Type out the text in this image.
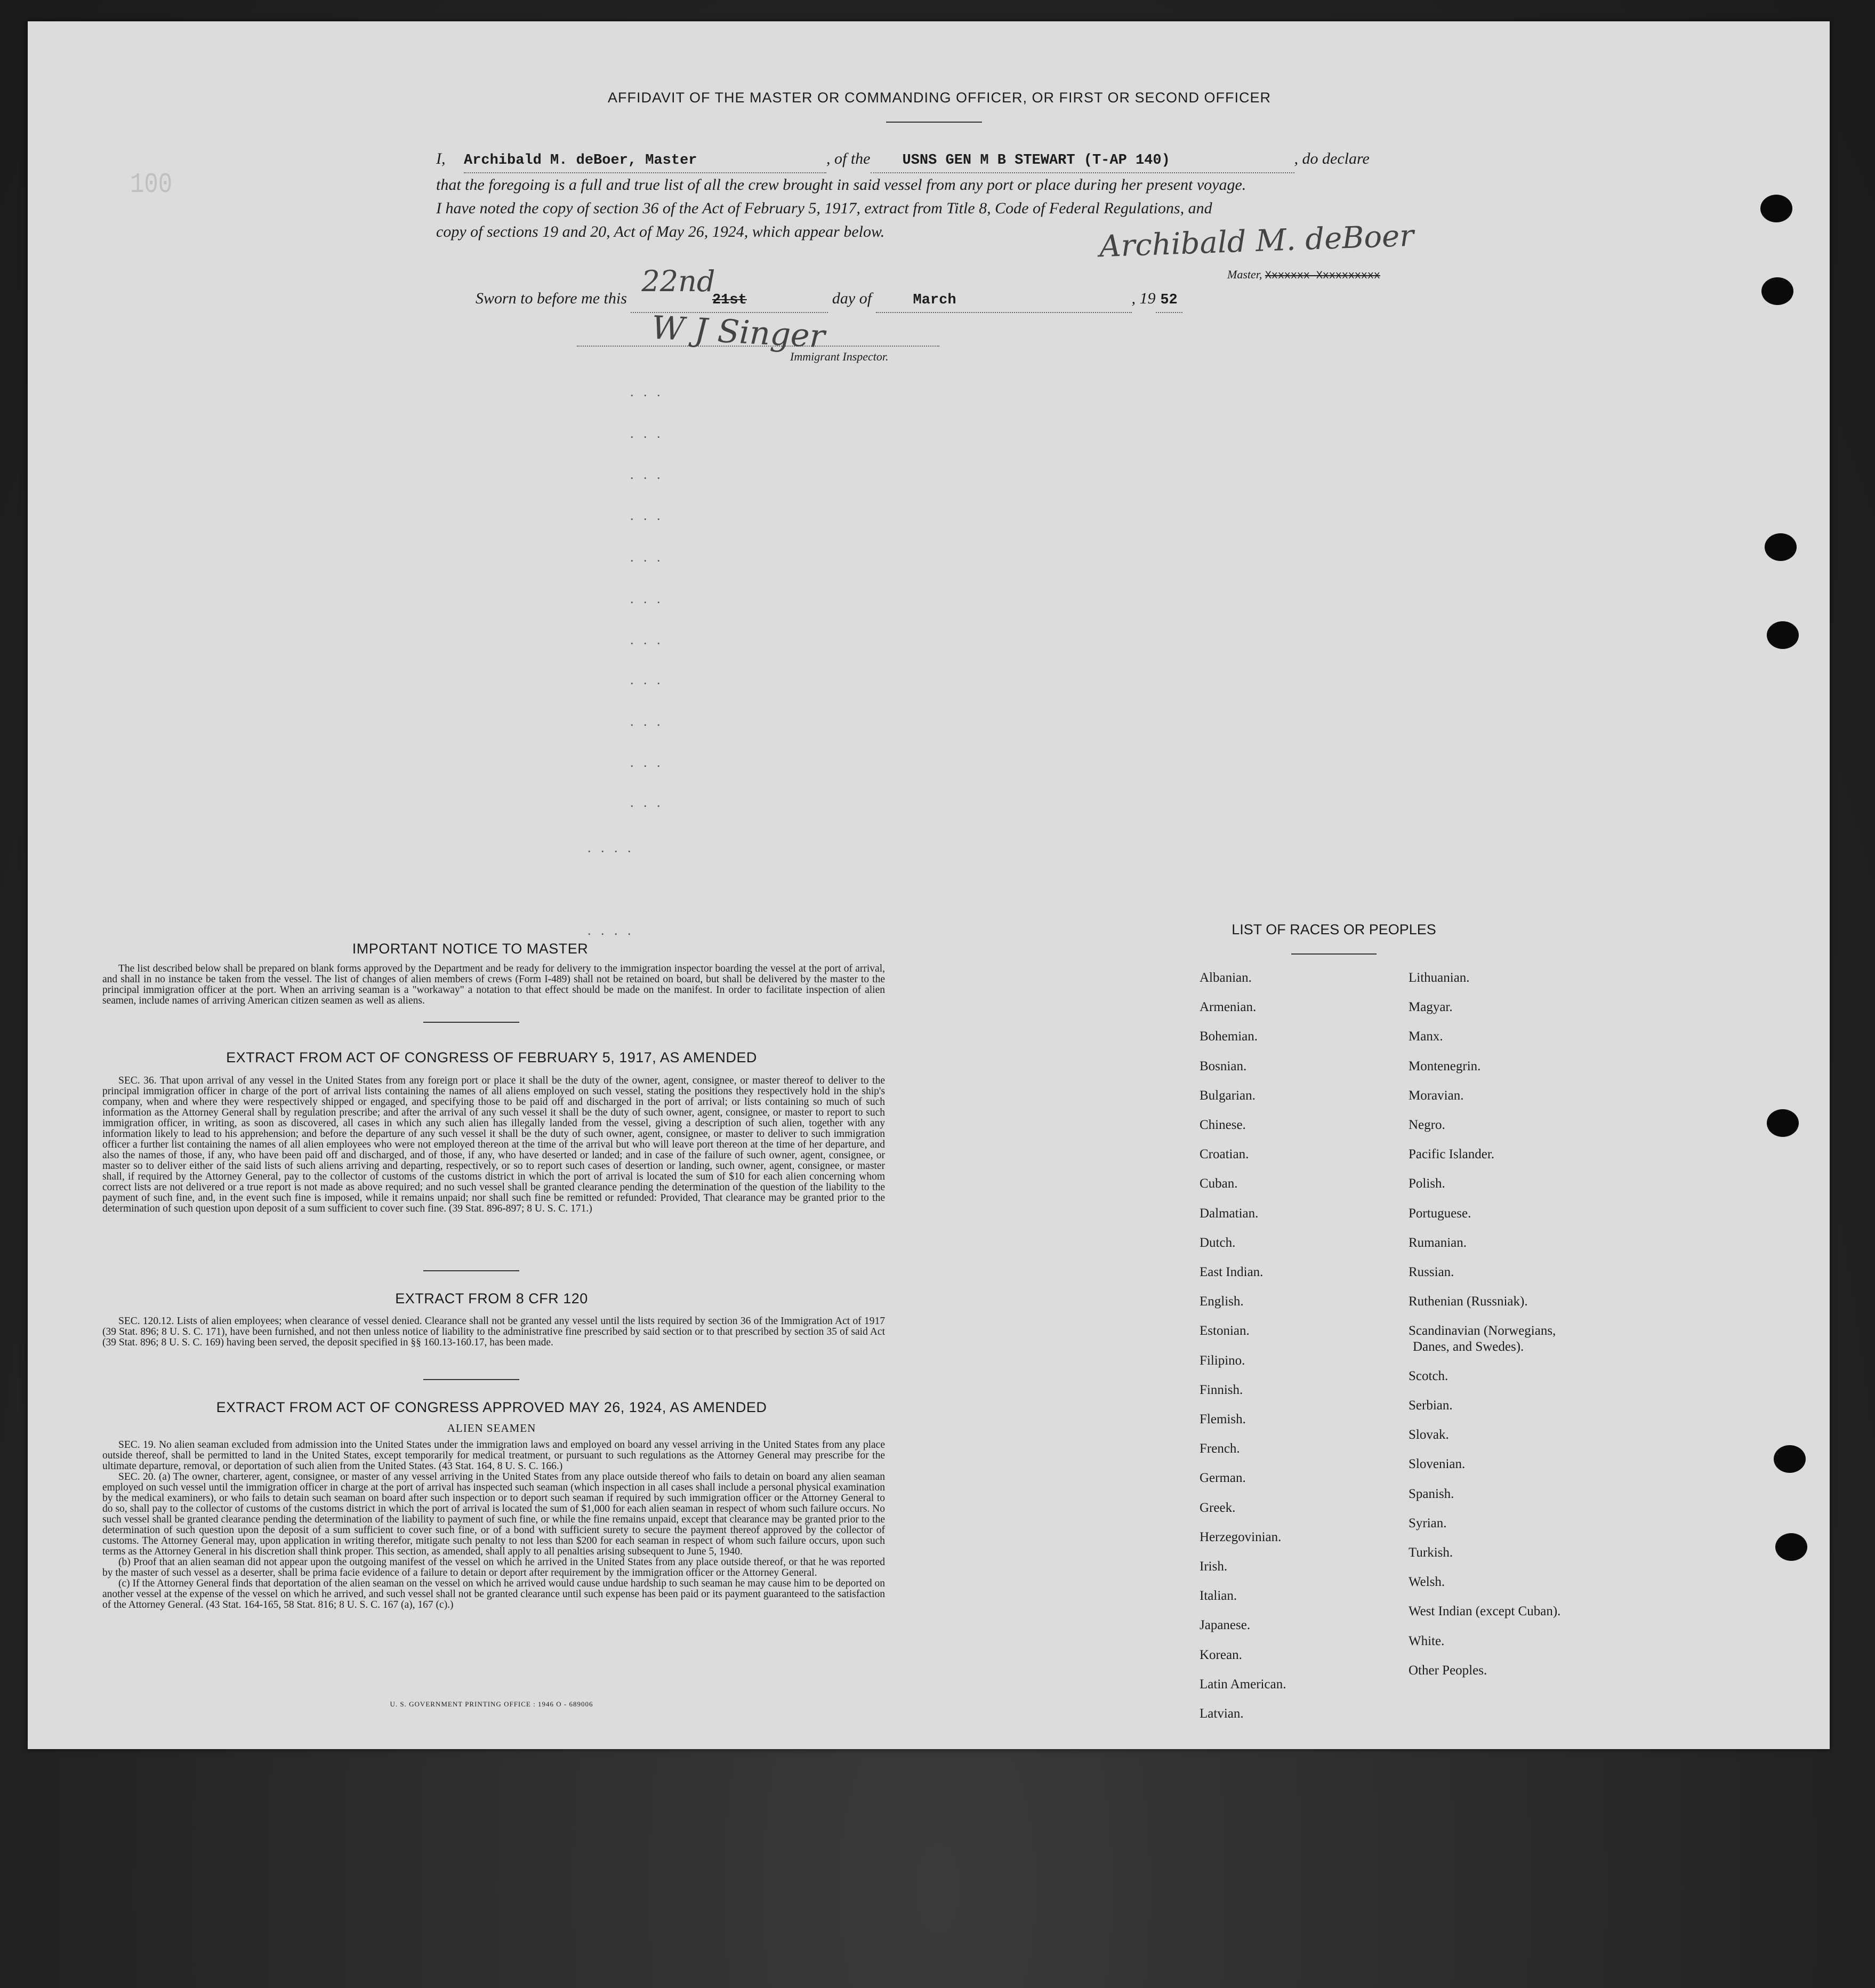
100
AFFIDAVIT OF THE MASTER OR COMMANDING OFFICER, OR FIRST OR SECOND OFFICER
I, Archibald M. deBoer, Master	, of the USNS GEN M B STEWART (T-AP 140)	, do declare
that the foregoing is a full and true list of all the crew brought in said vessel from any port or place during her present voyage.
I have noted the copy of section 36 of the Act of February 5, 1917, extract from Title 8, Code of Federal Regulations, and
copy of sections 19 and 20, Act of May 26, 1924, which appear below.	Archibald M. deBoer
Master, Xxxxxxx Xxxxxxxxxx
Sworn to before me this	21st
22nd
day of	March	, 19 52
W J Singer
Immigrant Inspector.
. . .
. . .
. . .
. . .
. . .
. . .
. . .
. . .
. . .
. . .
. . .
. . . .
. . . .
IMPORTANT NOTICE TO MASTER
The list described below shall be prepared on blank forms approved by the Department and be ready for delivery to the immigration inspector boarding the vessel at the port of arrival, and shall in no instance be taken from the vessel. The list of changes of alien members of crews (Form I-489) shall not be retained on board, but shall be delivered by the master to the principal immigration officer at the port. When an arriving seaman is a "workaway" a notation to that effect should be made on the manifest. In order to facilitate inspection of alien seamen, include names of arriving American citizen seamen as well as aliens.
EXTRACT FROM ACT OF CONGRESS OF FEBRUARY 5, 1917, AS AMENDED
SEC. 36. That upon arrival of any vessel in the United States from any foreign port or place it shall be the duty of the owner, agent, consignee, or master thereof to deliver to the principal immigration officer in charge of the port of arrival lists containing the names of all aliens employed on such vessel, stating the positions they respectively hold in the ship's company, when and where they were respectively shipped or engaged, and specifying those to be paid off and discharged in the port of arrival; or lists containing so much of such information as the Attorney General shall by regulation prescribe; and after the arrival of any such vessel it shall be the duty of such owner, agent, consignee, or master to report to such immigration officer, in writing, as soon as discovered, all cases in which any such alien has illegally landed from the vessel, giving a description of such alien, together with any information likely to lead to his apprehension; and before the departure of any such vessel it shall be the duty of such owner, agent, consignee, or master to deliver to such immigration officer a further list containing the names of all alien employees who were not employed thereon at the time of the arrival but who will leave port thereon at the time of her departure, and also the names of those, if any, who have been paid off and discharged, and of those, if any, who have deserted or landed; and in case of the failure of such owner, agent, consignee, or master so to deliver either of the said lists of such aliens arriving and departing, respectively, or so to report such cases of desertion or landing, such owner, agent, consignee, or master shall, if required by the Attorney General, pay to the collector of customs of the customs district in which the port of arrival is located the sum of $10 for each alien concerning whom correct lists are not delivered or a true report is not made as above required; and no such vessel shall be granted clearance pending the determination of the question of the liability to the payment of such fine, and, in the event such fine is imposed, while it remains unpaid; nor shall such fine be remitted or refunded: Provided, That clearance may be granted prior to the determination of such question upon deposit of a sum sufficient to cover such fine. (39 Stat. 896-897; 8 U. S. C. 171.)
EXTRACT FROM 8 CFR 120
SEC. 120.12. Lists of alien employees; when clearance of vessel denied. Clearance shall not be granted any vessel until the lists required by section 36 of the Immigration Act of 1917 (39 Stat. 896; 8 U. S. C. 171), have been furnished, and not then unless notice of liability to the administrative fine prescribed by said section or to that prescribed by section 35 of said Act (39 Stat. 896; 8 U. S. C. 169) having been served, the deposit specified in §§ 160.13-160.17, has been made.
EXTRACT FROM ACT OF CONGRESS APPROVED MAY 26, 1924, AS AMENDED
ALIEN SEAMEN
SEC. 19. No alien seaman excluded from admission into the United States under the immigration laws and employed on board any vessel arriving in the United States from any place outside thereof, shall be permitted to land in the United States, except temporarily for medical treatment, or pursuant to such regulations as the Attorney General may prescribe for the ultimate departure, removal, or deportation of such alien from the United States. (43 Stat. 164, 8 U. S. C. 166.)
SEC. 20. (a) The owner, charterer, agent, consignee, or master of any vessel arriving in the United States from any place outside thereof who fails to detain on board any alien seaman employed on such vessel until the immigration officer in charge at the port of arrival has inspected such seaman (which inspection in all cases shall include a personal physical examination by the medical examiners), or who fails to detain such seaman on board after such inspection or to deport such seaman if required by such immigration officer or the Attorney General to do so, shall pay to the collector of customs of the customs district in which the port of arrival is located the sum of $1,000 for each alien seaman in respect of whom such failure occurs. No such vessel shall be granted clearance pending the determination of the liability to payment of such fine, or while the fine remains unpaid, except that clearance may be granted prior to the determination of such question upon the deposit of a sum sufficient to cover such fine, or of a bond with sufficient surety to secure the payment thereof approved by the collector of customs. The Attorney General may, upon application in writing therefor, mitigate such penalty to not less than $200 for each seaman in respect of whom such failure occurs, upon such terms as the Attorney General in his discretion shall think proper. This section, as amended, shall apply to all penalties arising subsequent to June 5, 1940.
(b) Proof that an alien seaman did not appear upon the outgoing manifest of the vessel on which he arrived in the United States from any place outside thereof, or that he was reported by the master of such vessel as a deserter, shall be prima facie evidence of a failure to detain or deport after requirement by the immigration officer or the Attorney General.
(c) If the Attorney General finds that deportation of the alien seaman on the vessel on which he arrived would cause undue hardship to such seaman he may cause him to be deported on another vessel at the expense of the vessel on which he arrived, and such vessel shall not be granted clearance until such expense has been paid or its payment guaranteed to the satisfaction of the Attorney General. (43 Stat. 164-165, 58 Stat. 816; 8 U. S. C. 167 (a), 167 (c).)
U. S. GOVERNMENT PRINTING OFFICE : 1946 O - 689006
LIST OF RACES OR PEOPLES
Albanian.
Armenian.
Bohemian.
Bosnian.
Bulgarian.
Chinese.
Croatian.
Cuban.
Dalmatian.
Dutch.
East Indian.
English.
Estonian.
Filipino.
Finnish.
Flemish.
French.
German.
Greek.
Herzegovinian.
Irish.
Italian.
Japanese.
Korean.
Latin American.
Latvian.
Lithuanian.
Magyar.
Manx.
Montenegrin.
Moravian.
Negro.
Pacific Islander.
Polish.
Portuguese.
Rumanian.
Russian.
Ruthenian (Russniak).
Scandinavian (Norwegians,
Danes, and Swedes).
Scotch.
Serbian.
Slovak.
Slovenian.
Spanish.
Syrian.
Turkish.
Welsh.
West Indian (except Cuban).
White.
Other Peoples.
